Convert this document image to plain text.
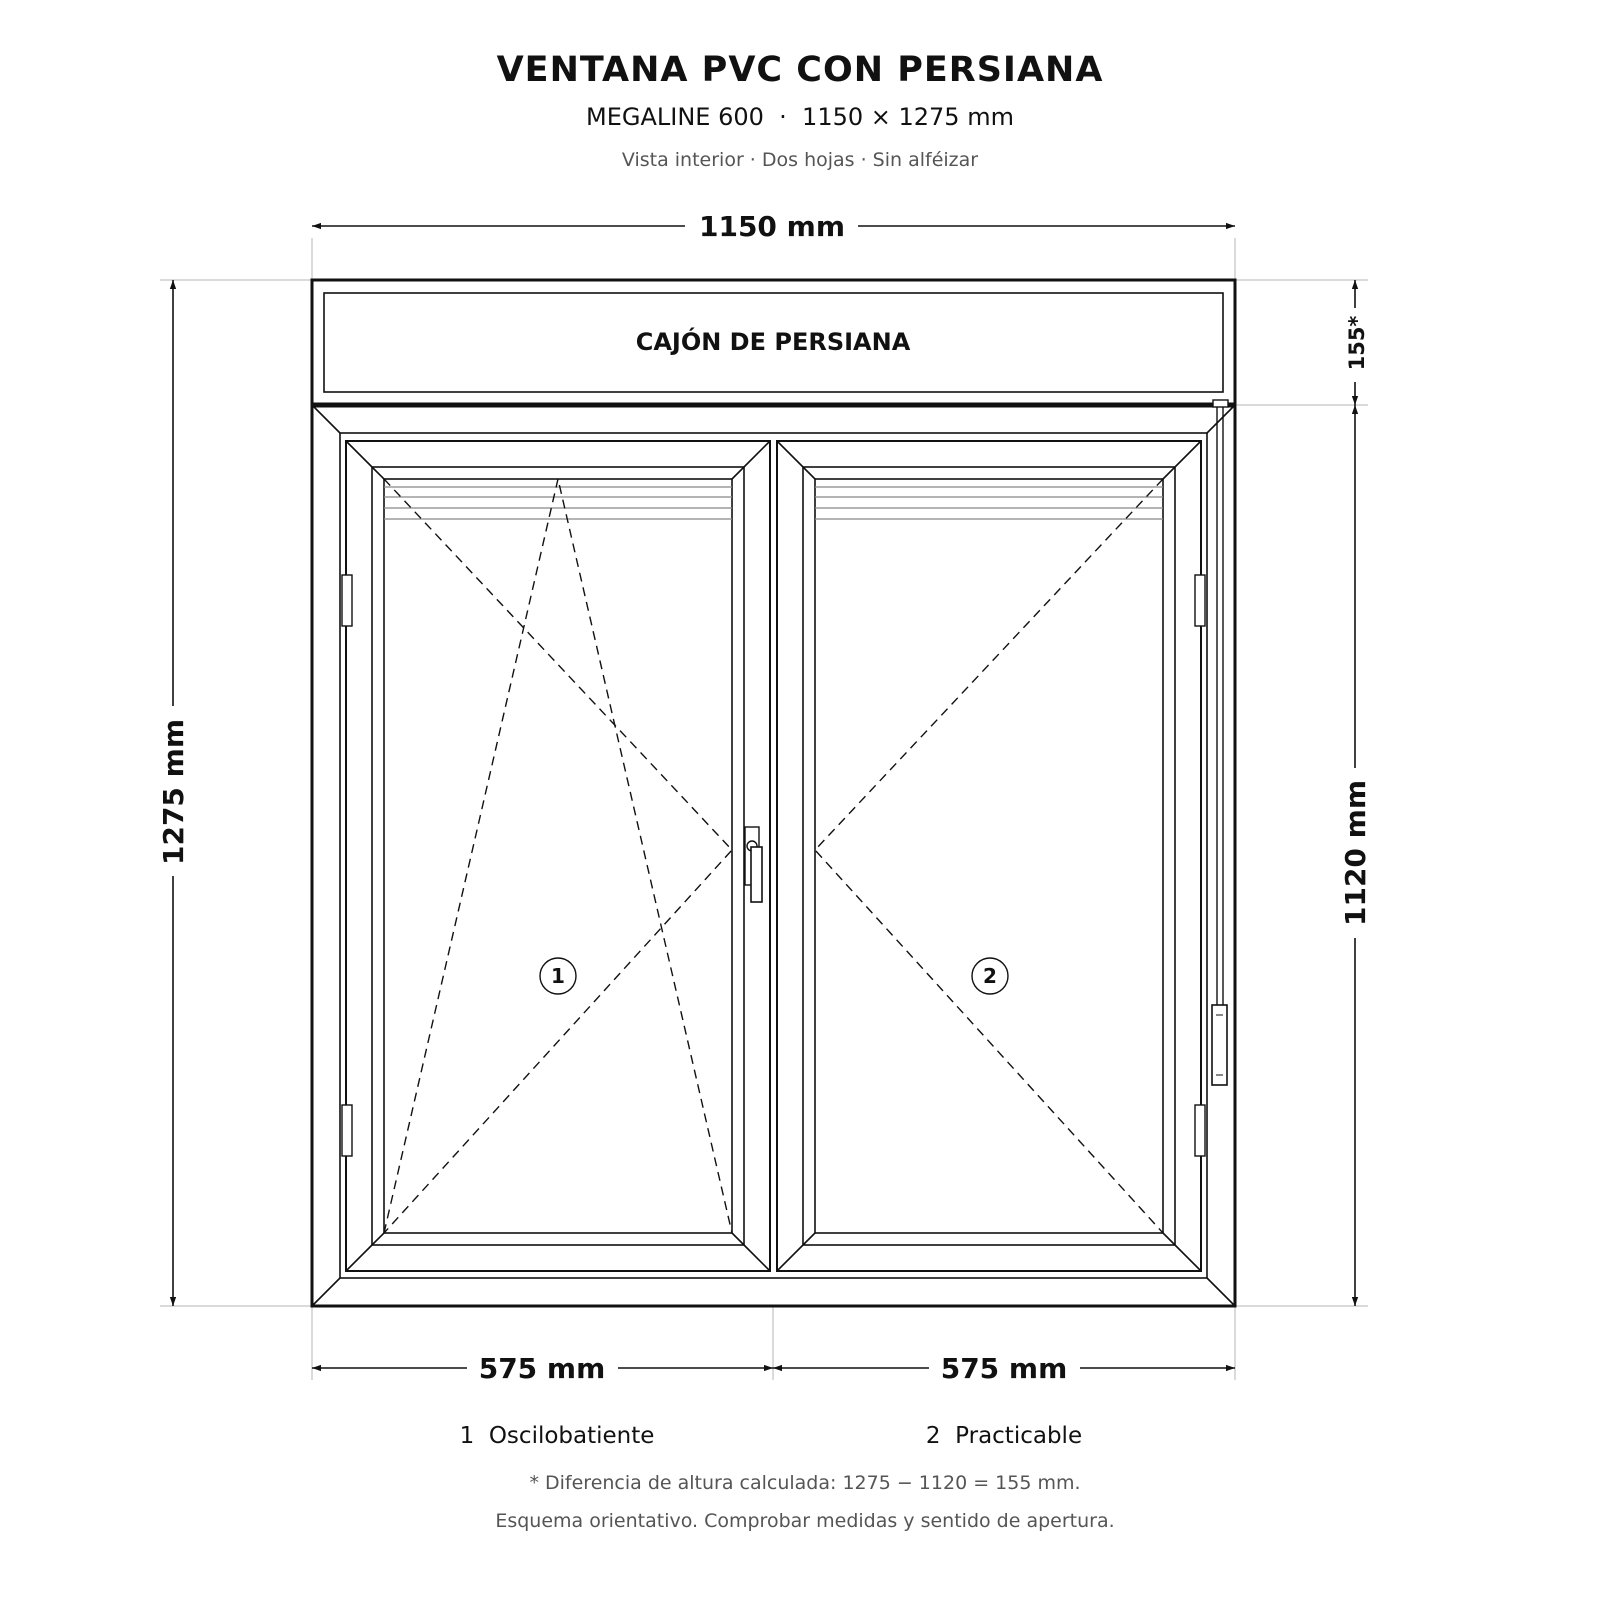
VENTANA PVC CON PERSIANA
MEGALINE 600  ·  1150 × 1275 mm
Vista interior · Dos hojas · Sin alféizar
1150 mm
1275 mm
155*
1120 mm
CAJÓN DE PERSIANA
1	2
575 mm	575 mm
1  Oscilobatiente	2  Practicable
* Diferencia de altura calculada: 1275 − 1120 = 155 mm.
Esquema orientativo. Comprobar medidas y sentido de apertura.
